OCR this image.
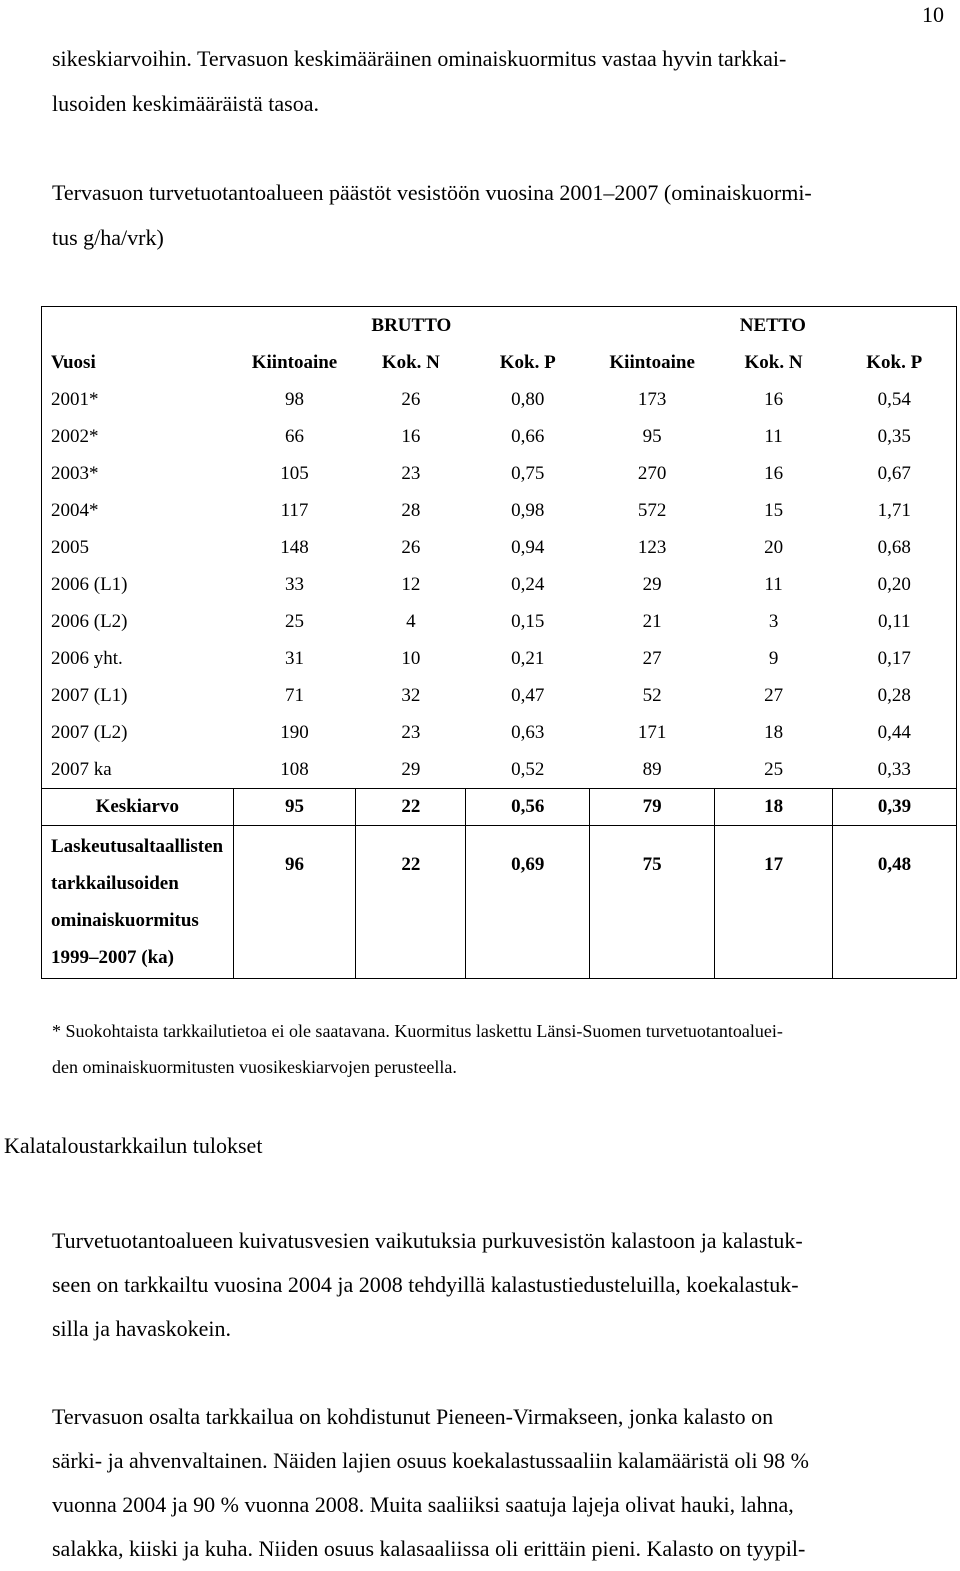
10

sikeskiarvoihin. Tervasuon keskimääräinen ominaiskuormitus vastaa hyvin tarkkai-
lusoiden keskimääräistä tasoa.

Tervasuon turvetuotantoalueen päästöt vesistöön vuosina 2001–2007 (ominaiskuormi-
tus g/ha/vrk)

	BRUTTO			NETTO		
Vuosi	Kiintoaine	Kok. N	Kok. P	Kiintoaine	Kok. N	Kok. P
2001*	98	26	0,80	173	16	0,54
2002*	66	16	0,66	95	11	0,35
2003*	105	23	0,75	270	16	0,67
2004*	117	28	0,98	572	15	1,71
2005	148	26	0,94	123	20	0,68
2006 (L1)	33	12	0,24	29	11	0,20
2006 (L2)	25	4	0,15	21	3	0,11
2006 yht.	31	10	0,21	27	9	0,17
2007 (L1)	71	32	0,47	52	27	0,28
2007 (L2)	190	23	0,63	171	18	0,44
2007 ka	108	29	0,52	89	25	0,33
Keskiarvo	95	22	0,56	79	18	0,39
Laskeutusaltaallisten
tarkkailusoiden
ominaiskuormitus
1999–2007 (ka)	96	22	0,69	75	17	0,48

* Suokohtaista tarkkailutietoa ei ole saatavana. Kuormitus laskettu Länsi-Suomen turvetuotantoaluei-
den ominaiskuormitusten vuosikeskiarvojen perusteella.

Kalataloustarkkailun tulokset

Turvetuotantoalueen kuivatusvesien vaikutuksia purkuvesistön kalastoon ja kalastuk-
seen on tarkkailtu vuosina 2004 ja 2008 tehdyillä kalastustiedusteluilla, koekalastuk-
silla ja havaskokein.

Tervasuon osalta tarkkailua on kohdistunut Pieneen-Virmakseen, jonka kalasto on
särki- ja ahvenvaltainen. Näiden lajien osuus koekalastussaaliin kalamääristä oli 98 %
vuonna 2004 ja 90 % vuonna 2008. Muita saaliiksi saatuja lajeja olivat hauki, lahna,
salakka, kiiski ja kuha. Niiden osuus kalasaaliissa oli erittäin pieni. Kalasto on tyypil-
